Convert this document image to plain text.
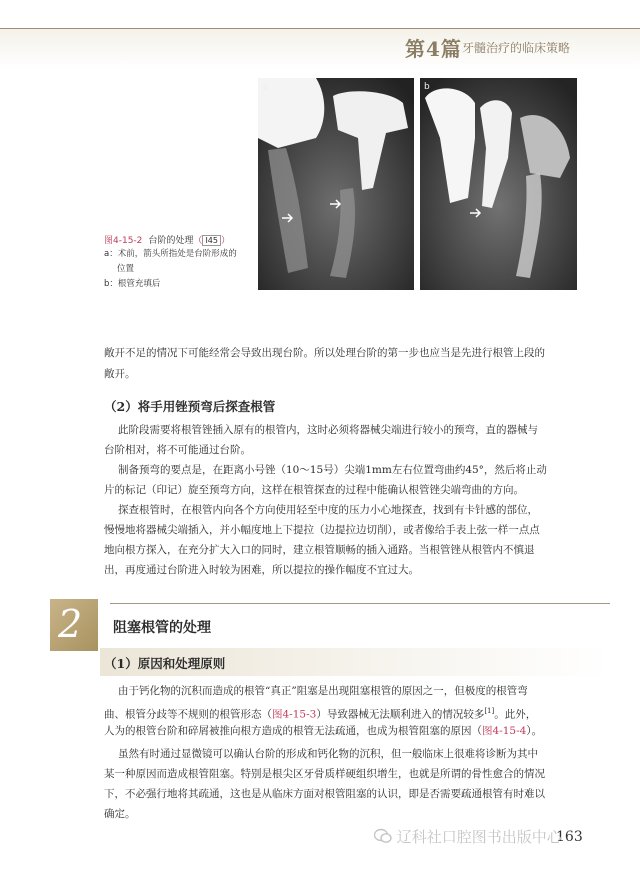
第4篇 牙髓治疗的临床策略
a	b
图4-15-2 台阶的处理（ I45 ）
a：术前，箭头所指处是台阶形成的
位置
b：根管充填后
敞开不足的情况下可能经常会导致出现台阶。所以处理台阶的第一步也应当是先进行根管上段的
敞开。
（2）将手用锉预弯后探查根管
此阶段需要将根管锉插入原有的根管内，这时必须将器械尖端进行较小的预弯，直的器械与
台阶相对，将不可能通过台阶。
制备预弯的要点是，在距离小号锉（10～15号）尖端1mm左右位置弯曲约45°，然后将止动
片的标记（印记）旋至预弯方向，这样在根管探查的过程中能确认根管锉尖端弯曲的方向。
探查根管时，在根管内向各个方向使用轻至中度的压力小心地探查，找到有卡针感的部位，
慢慢地将器械尖端插入，并小幅度地上下提拉（边提拉边切削），或者像给手表上弦一样一点点
地向根方探入，在充分扩大入口的同时，建立根管顺畅的插入通路。当根管锉从根管内不慎退
出，再度通过台阶进入时较为困难，所以提拉的操作幅度不宜过大。
2 阻塞根管的处理
（1）原因和处理原则
由于钙化物的沉积而造成的根管“真正”阻塞是出现阻塞根管的原因之一，但极度的根管弯
曲、根管分歧等不规则的根管形态（图4-15-3）导致器械无法顺利进入的情况较多[1]。此外，
人为的根管台阶和碎屑被推向根方造成的根管无法疏通，也成为根管阻塞的原因（图4-15-4）。
虽然有时通过显微镜可以确认台阶的形成和钙化物的沉积，但一般临床上很难将诊断为其中
某一种原因而造成根管阻塞。特别是根尖区牙骨质样硬组织增生，也就是所谓的骨性愈合的情况
下，不必强行地将其疏通，这也是从临床方面对根管阻塞的认识，即是否需要疏通根管有时难以
确定。
163
辽科社口腔图书出版中心
